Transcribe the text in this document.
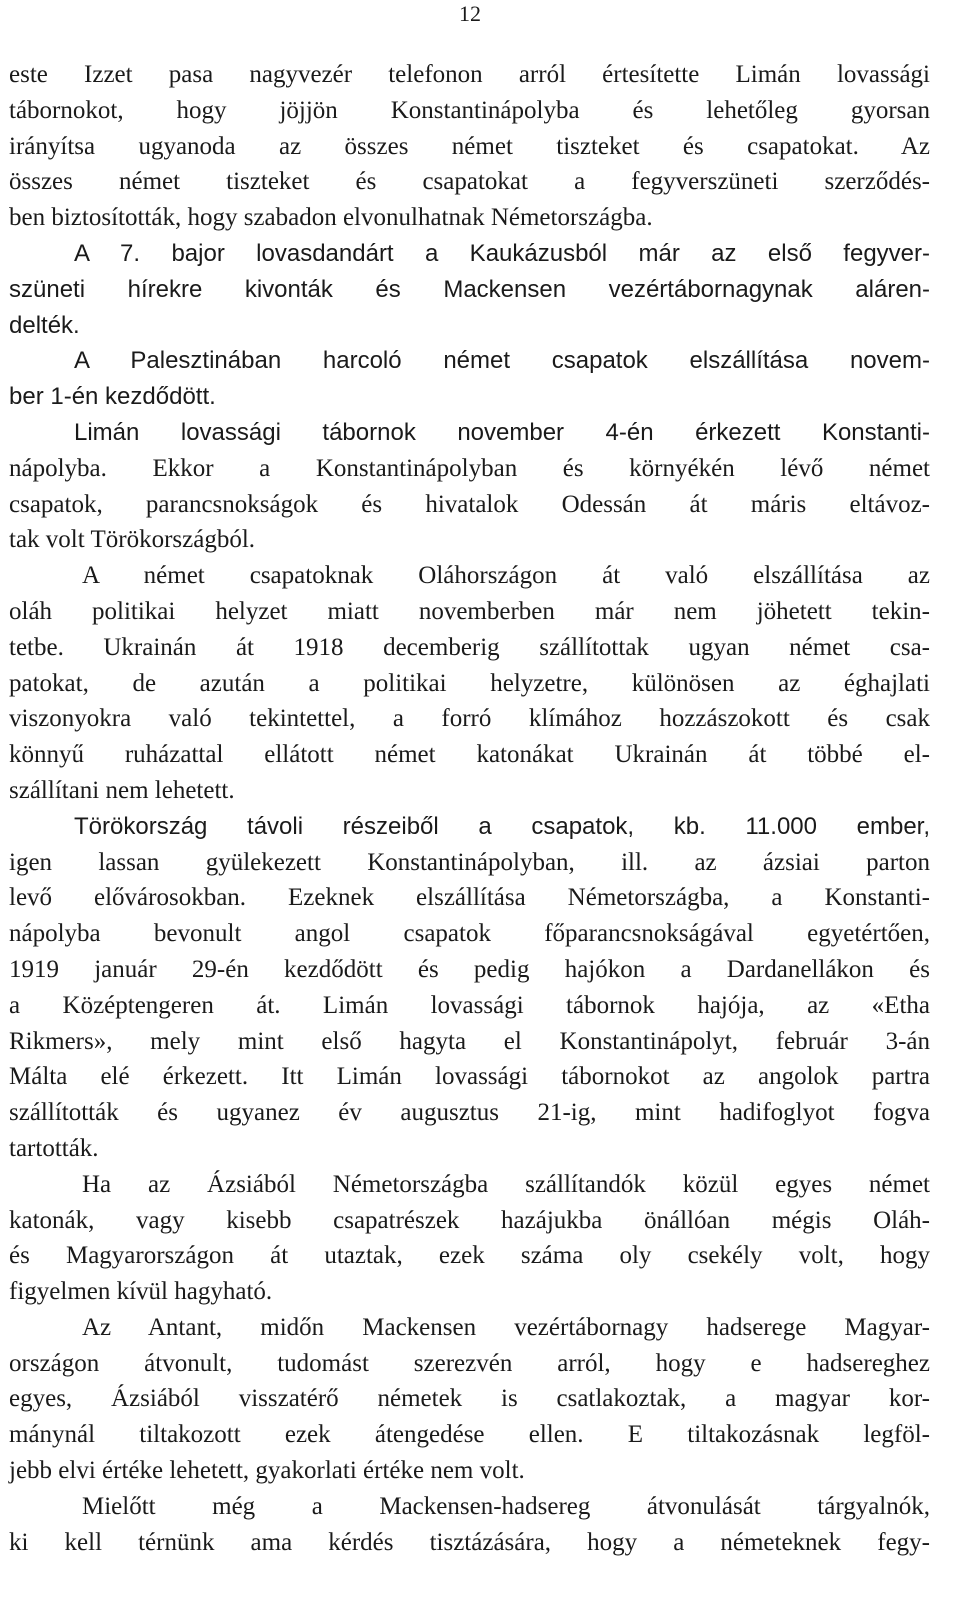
12
este Izzet pasa nagyvezér telefonon arról értesítette Limán lovassági
tábornokot, hogy jöjjön Konstantinápolyba és lehetőleg gyorsan
irányítsa ugyanoda az összes német tiszteket és csapatokat. Az
összes német tiszteket és csapatokat a fegyverszüneti szerződés-
ben biztosították, hogy szabadon elvonulhatnak Németországba.
A 7. bajor lovasdandárt a Kaukázusból már az első fegyver-
szüneti hírekre kivonták és Mackensen vezértábornagynak aláren-
delték.
A Palesztinában harcoló német csapatok elszállítása novem-
ber 1-én kezdődött.
Limán lovassági tábornok november 4-én érkezett Konstanti-
nápolyba. Ekkor a Konstantinápolyban és környékén lévő német
csapatok, parancsnokságok és hivatalok Odessán át máris eltávoz-
tak volt Törökországból.
A német csapatoknak Oláhországon át való elszállítása az
oláh politikai helyzet miatt novemberben már nem jöhetett tekin-
tetbe. Ukrainán át 1918 decemberig szállítottak ugyan német csa-
patokat, de azután a politikai helyzetre, különösen az éghajlati
viszonyokra való tekintettel, a forró klímához hozzászokott és csak
könnyű ruházattal ellátott német katonákat Ukrainán át többé el-
szállítani nem lehetett.
Törökország távoli részeiből a csapatok, kb. 11.000 ember,
igen lassan gyülekezett Konstantinápolyban, ill. az ázsiai parton
levő elővárosokban. Ezeknek elszállítása Németországba, a Konstanti-
nápolyba bevonult angol csapatok főparancsnokságával egyetértően,
1919 január 29-én kezdődött és pedig hajókon a Dardanellákon és
a Középtengeren át. Limán lovassági tábornok hajója, az «Etha
Rikmers», mely mint első hagyta el Konstantinápolyt, február 3-án
Málta elé érkezett. Itt Limán lovassági tábornokot az angolok partra
szállították és ugyanez év augusztus 21-ig, mint hadifoglyot fogva
tartották.
Ha az Ázsiából Németországba szállítandók közül egyes német
katonák, vagy kisebb csapatrészek hazájukba önállóan mégis Oláh-
és Magyarországon át utaztak, ezek száma oly csekély volt, hogy
figyelmen kívül hagyható.
Az Antant, midőn Mackensen vezértábornagy hadserege Magyar-
országon átvonult, tudomást szerezvén arról, hogy e hadsereghez
egyes, Ázsiából visszatérő németek is csatlakoztak, a magyar kor-
mánynál tiltakozott ezek átengedése ellen. E tiltakozásnak legföl-
jebb elvi értéke lehetett, gyakorlati értéke nem volt.
Mielőtt még a Mackensen-hadsereg átvonulását tárgyalnók,
ki kell térnünk ama kérdés tisztázására, hogy a németeknek fegy-
